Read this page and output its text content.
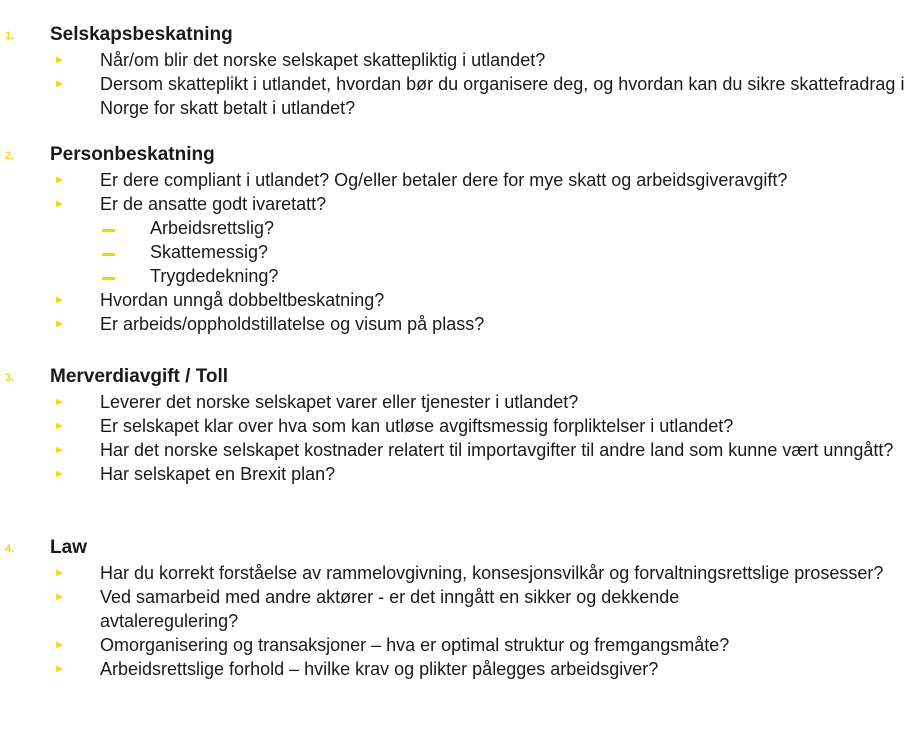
1. Selskapsbeskatning
► Når/om blir det norske selskapet skattepliktig i utlandet?
► Dersom skatteplikt i utlandet, hvordan bør du organisere deg, og hvordan kan du sikre skattefradrag i Norge for skatt betalt i utlandet?
2. Personbeskatning
► Er dere compliant i utlandet? Og/eller betaler dere for mye skatt og arbeidsgiveravgift?
► Er de ansatte godt ivaretatt?
Arbeidsrettslig?
Skattemessig?
Trygdedekning?
► Hvordan unngå dobbeltbeskatning?
► Er arbeids/oppholdstillatelse og visum på plass?
3. Merverdiavgift / Toll
► Leverer det norske selskapet varer eller tjenester i utlandet?
► Er selskapet klar over hva som kan utløse avgiftsmessig forpliktelser i utlandet?
► Har det norske selskapet kostnader relatert til importavgifter til andre land som kunne vært unngått?
► Har selskapet en Brexit plan?
4. Law
► Har du korrekt forståelse av rammelovgivning, konsesjonsvilkår og forvaltningsrettslige prosesser?
► Ved samarbeid med andre aktører - er det inngått en sikker og dekkende avtaleregulering?
► Omorganisering og transaksjoner – hva er optimal struktur og fremgangsmåte?
► Arbeidsrettslige forhold – hvilke krav og plikter pålegges arbeidsgiver?
